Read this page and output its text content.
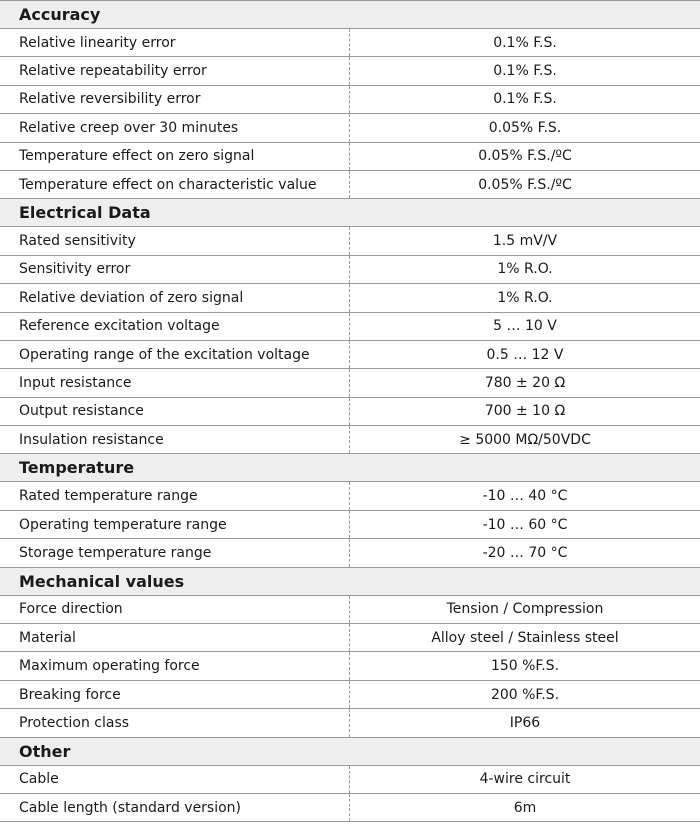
Accuracy
Relative linearity error	0.1% F.S.
Relative repeatability error	0.1% F.S.
Relative reversibility error	0.1% F.S.
Relative creep over 30 minutes	0.05% F.S.
Temperature effect on zero signal	0.05% F.S./ºC
Temperature effect on characteristic value	0.05% F.S./ºC
Electrical Data
Rated sensitivity	1.5 mV/V
Sensitivity error	1% R.O.
Relative deviation of zero signal	1% R.O.
Reference excitation voltage	5 … 10 V
Operating range of the excitation voltage	0.5 … 12 V
Input resistance	780 ± 20 Ω
Output resistance	700 ± 10 Ω
Insulation resistance	≥ 5000 MΩ/50VDC
Temperature
Rated temperature range	-10 … 40 °C
Operating temperature range	-10 … 60 °C
Storage temperature range	-20 … 70 °C
Mechanical values
Force direction	Tension / Compression
Material	Alloy steel / Stainless steel
Maximum operating force	150 %F.S.
Breaking force	200 %F.S.
Protection class	IP66
Other
Cable	4-wire circuit
Cable length (standard version)	6m
